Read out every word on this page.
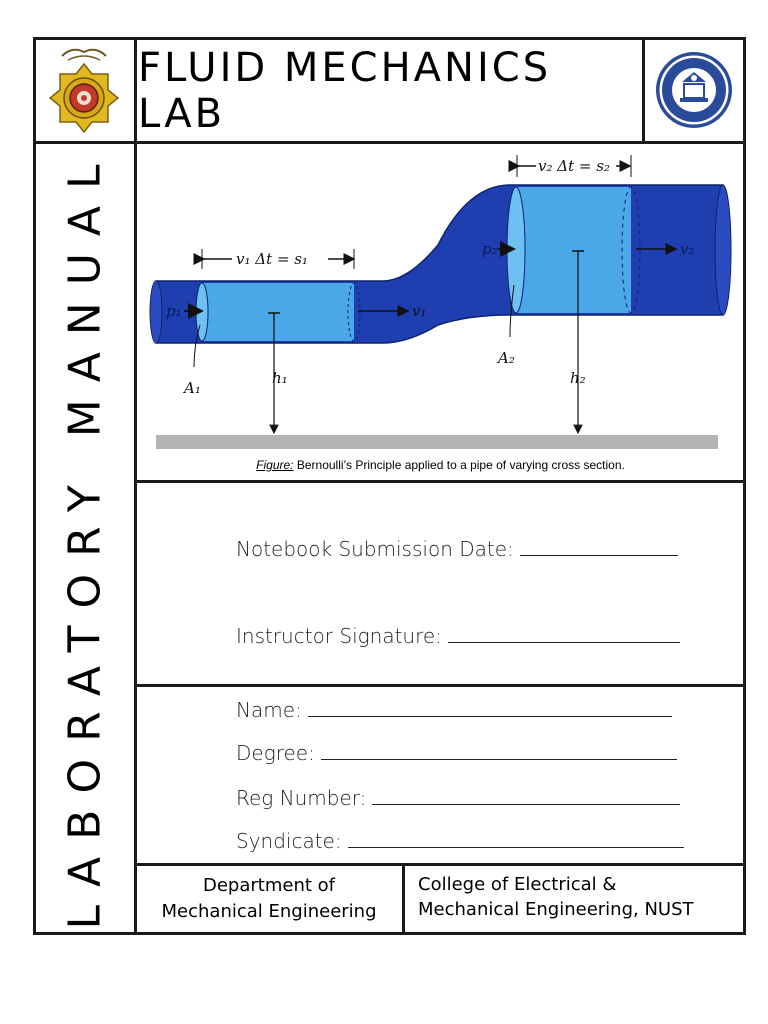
FLUID MECHANICS LAB
LABORATORY MANUAL	v₁ Δt = s₁
v₂ Δt = s₂
p₁
p₂
v₁
v₂
A₁
A₂
h₁	h₂
Figure: Bernoulli’s Principle applied to a pipe of varying cross section.
Notebook Submission Date:
Instructor Signature:
Name:
Degree:
Reg Number:
Syndicate:
Department of
Mechanical Engineering
College of Electrical &
Mechanical Engineering, NUST
